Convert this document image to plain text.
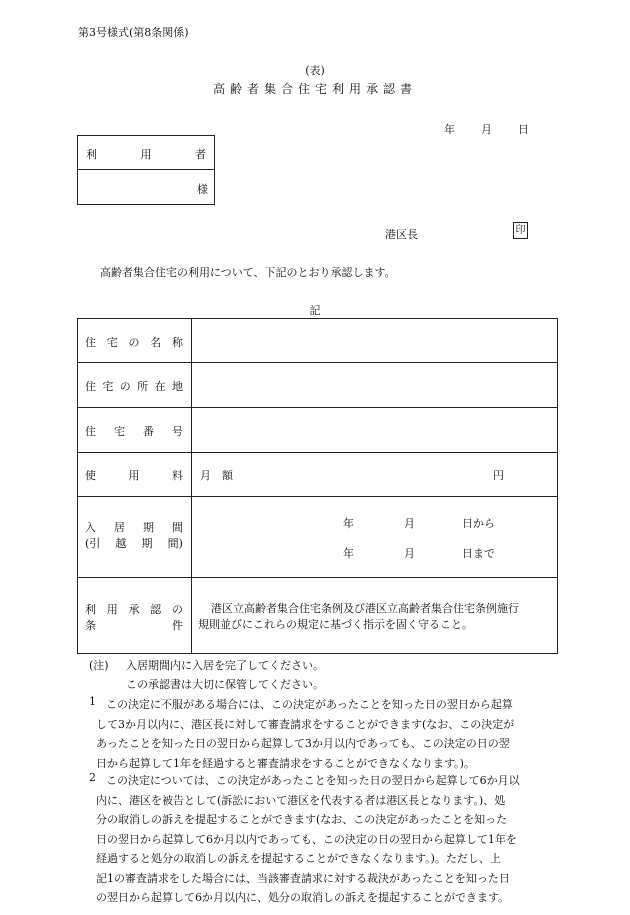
第3号様式(第8条関係)
(表)
高齢者集合住宅利用承認書
年 月 日
利	用	者
様
港区長	印
高齢者集合住宅の利用について、下記のとおり承認します。
記
住 宅 の 名 称
住 宅 の 所 在 地
住 宅 番 号
使	用	料 月　額	円
入 居 期 間
(引 越 期 間)
年	月	日から
年	月	日まで
利 用 承 認 の
条	件
港区立高齢者集合住宅条例及び港区立高齢者集合住宅条例施行
規則並びにこれらの規定に基づく指示を固く守ること。
(注) 入居期間内に入居を完了してください。
この承認書は大切に保管してください。
1 この決定に不服がある場合には、この決定があったことを知った日の翌日から起算
して3か月以内に、港区長に対して審査請求をすることができます(なお、この決定が
あったことを知った日の翌日から起算して3か月以内であっても、この決定の日の翌
日から起算して1年を経過すると審査請求をすることができなくなります。)。
2 この決定については、この決定があったことを知った日の翌日から起算して6か月以
内に、港区を被告として(訴訟において港区を代表する者は港区長となります。)、処
分の取消しの訴えを提起することができます(なお、この決定があったことを知った
日の翌日から起算して6か月以内であっても、この決定の日の翌日から起算して1年を
経過すると処分の取消しの訴えを提起することができなくなります。)。ただし、上
記1の審査請求をした場合には、当該審査請求に対する裁決があったことを知った日
の翌日から起算して6か月以内に、処分の取消しの訴えを提起することができます。
